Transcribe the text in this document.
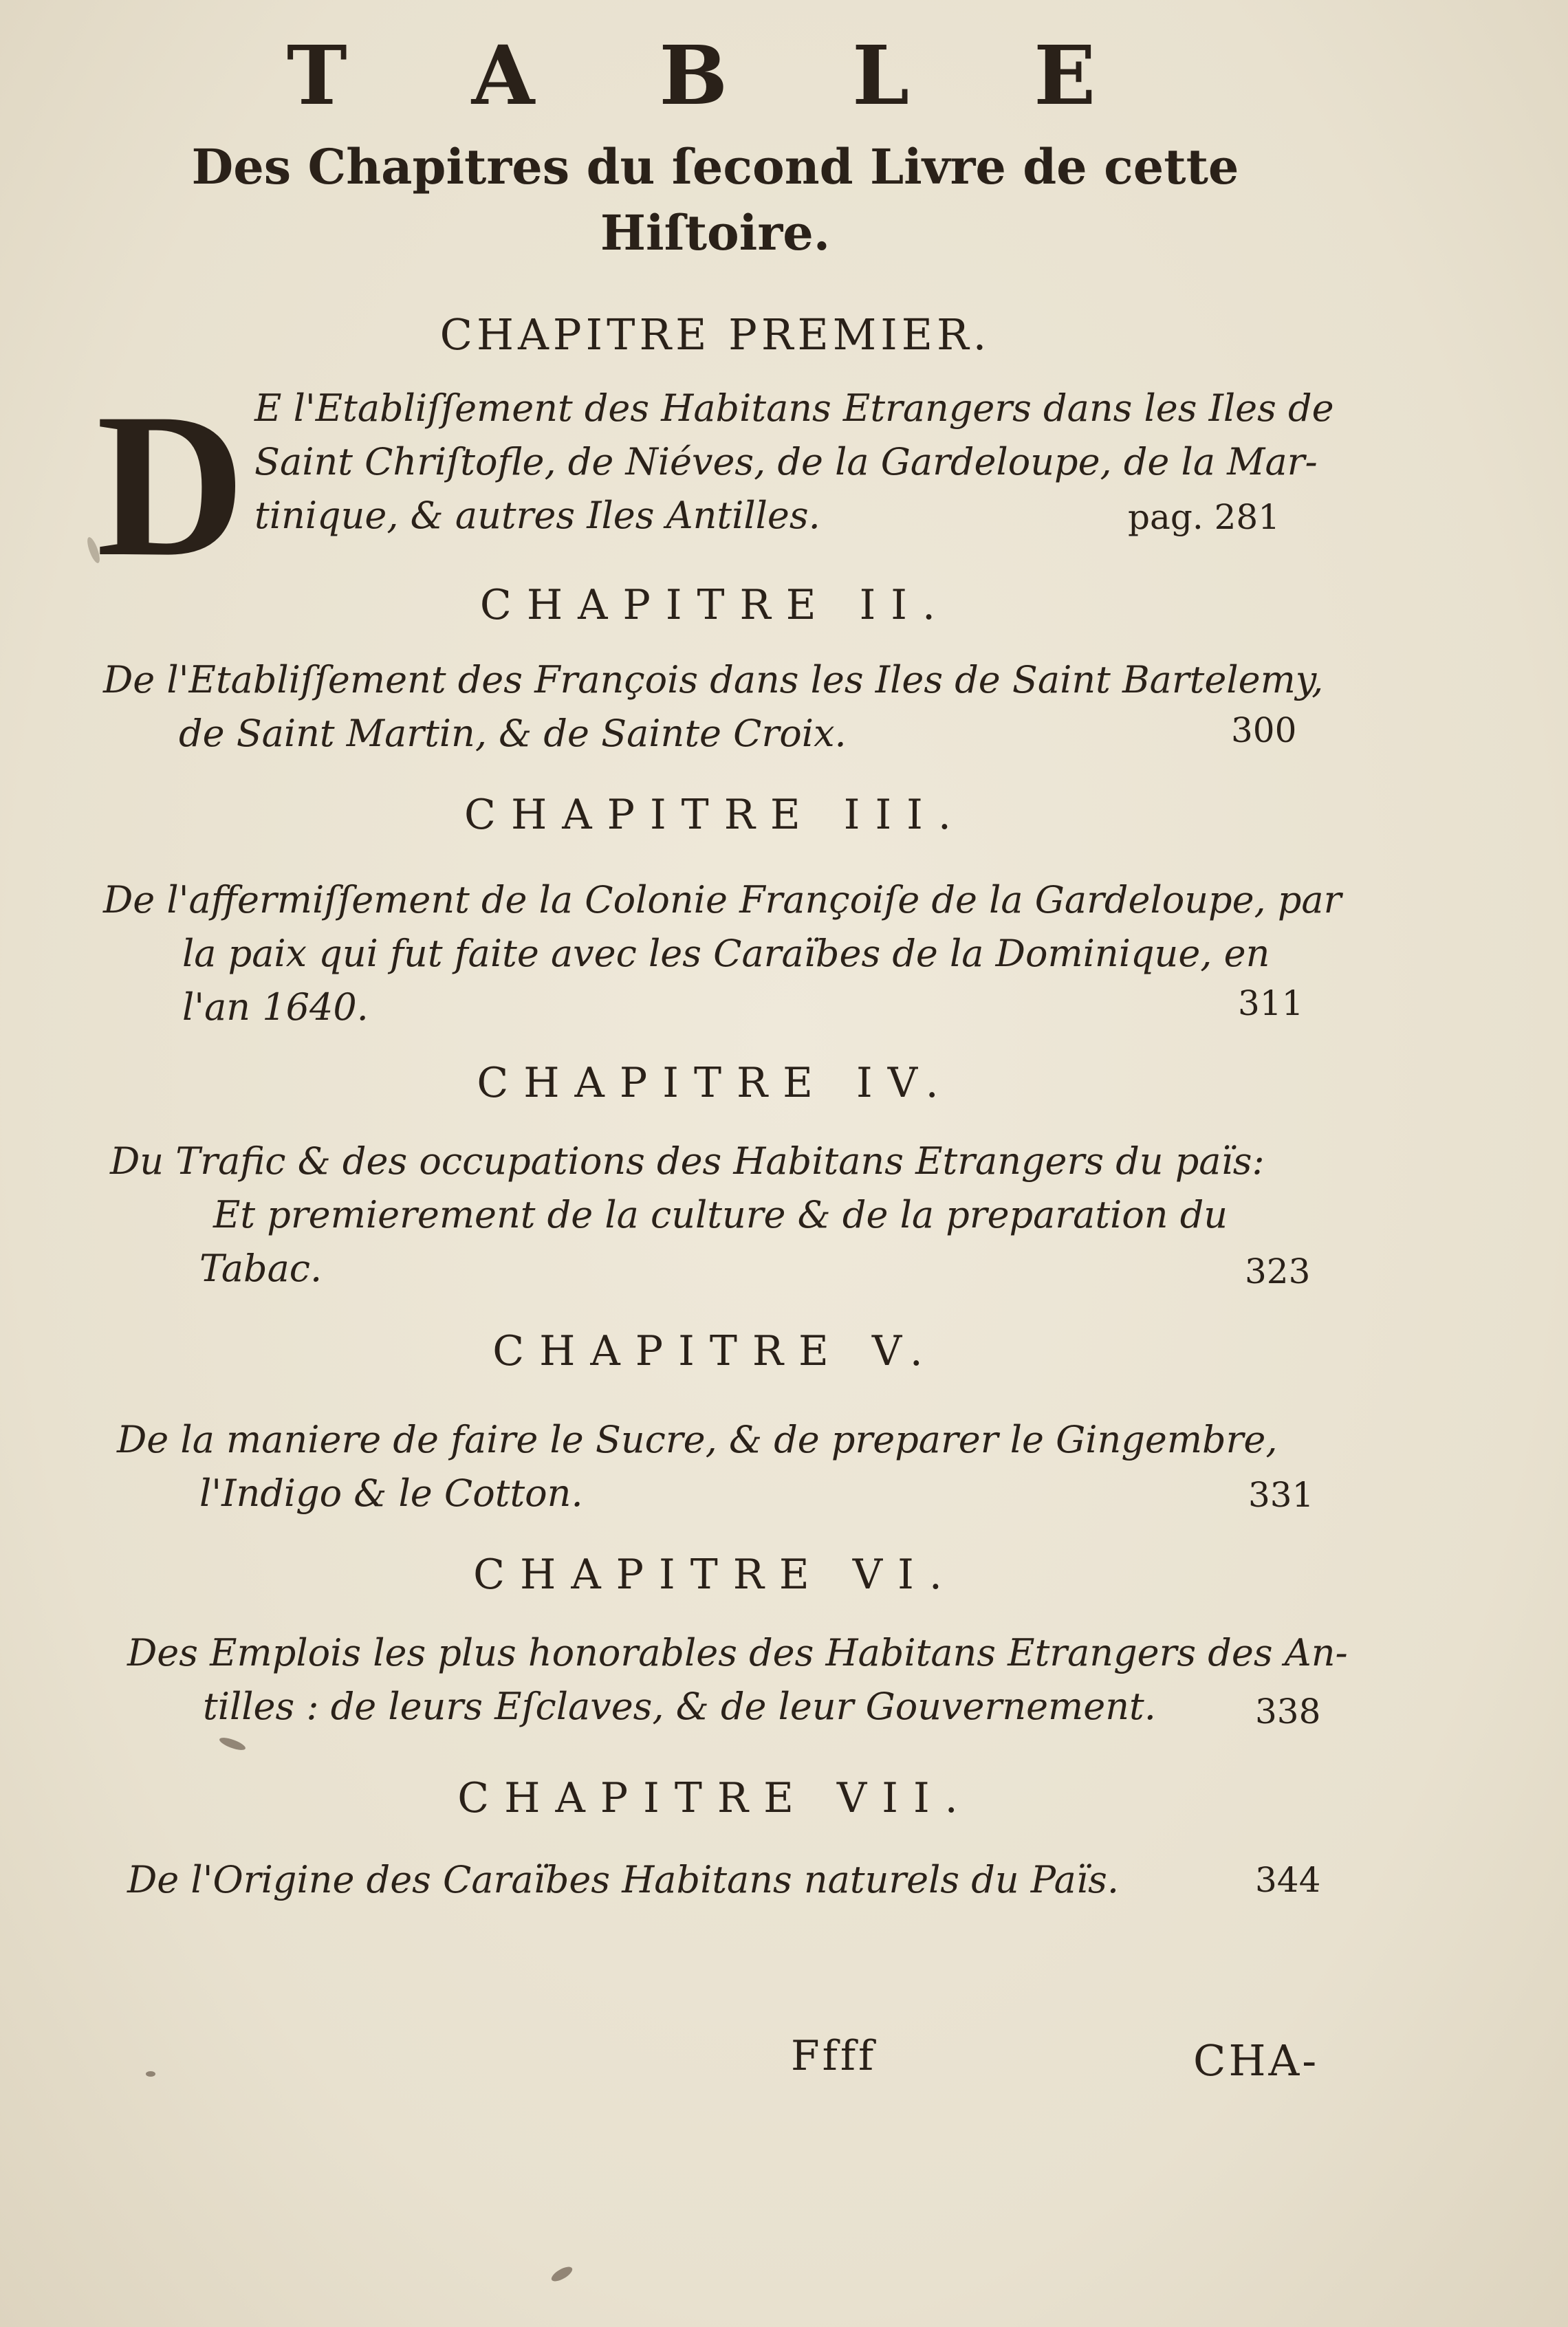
T A B L E
Des Chapitres du ſecond Livre de cette
Hiſtoire.
CHAPITRE PREMIER.
D E l'Etabliſſement des Habitans Etrangers dans les Iles de
Saint Chriſtofle, de Niéves, de la Gardeloupe, de la Mar-
tinique, & autres Iles Antilles.	pag. 281
CHAPITRE II.
De l'Etabliſſement des François dans les Iles de Saint Bartelemy,
de Saint Martin, & de Sainte Croix.	300
CHAPITRE III.
De l'affermiſſement de la Colonie Françoiſe de la Gardeloupe, par
la paix qui fut faite avec les Caraïbes de la Dominique, en
l'an 1640.	311
CHAPITRE IV.
Du Trafic & des occupations des Habitans Etrangers du païs:
Et premierement de la culture & de la preparation du
Tabac.	323
CHAPITRE V.
De la maniere de faire le Sucre, & de preparer le Gingembre,
l'Indigo & le Cotton.	331
CHAPITRE VI.
Des Emplois les plus honorables des Habitans Etrangers des An-
tilles : de leurs Eſclaves, & de leur Gouvernement.	338
CHAPITRE VII.
De l'Origine des Caraïbes Habitans naturels du Païs.	344
Ffff	CHA-
